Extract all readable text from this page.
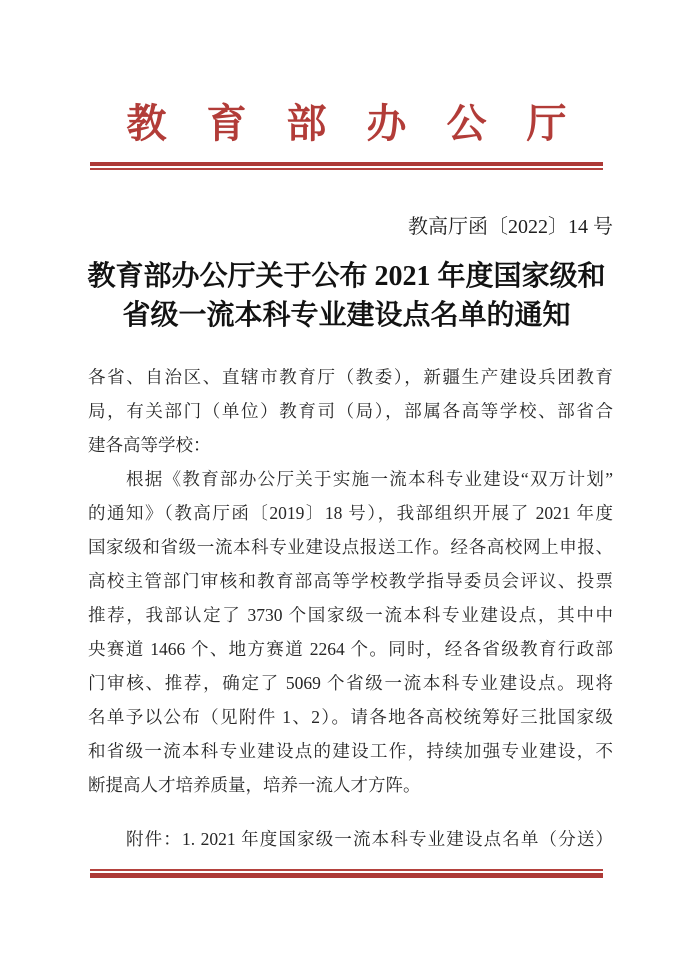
教育部办公厅
教高厅函〔2022〕14 号
教育部办公厅关于公布 2021 年度国家级和
省级一流本科专业建设点名单的通知
各省、自治区、直辖市教育厅（教委），新疆生产建设兵团教育
局，有关部门（单位）教育司（局），部属各高等学校、部省合
建各高等学校：
根据《教育部办公厅关于实施一流本科专业建设“双万计划”
的通知》（教高厅函〔2019〕18 号），我部组织开展了 2021 年度
国家级和省级一流本科专业建设点报送工作。经各高校网上申报、
高校主管部门审核和教育部高等学校教学指导委员会评议、投票
推荐，我部认定了 3730 个国家级一流本科专业建设点，其中中
央赛道 1466 个、地方赛道 2264 个。同时，经各省级教育行政部
门审核、推荐，确定了 5069 个省级一流本科专业建设点。现将
名单予以公布（见附件 1、2）。请各地各高校统筹好三批国家级
和省级一流本科专业建设点的建设工作，持续加强专业建设，不
断提高人才培养质量，培养一流人才方阵。
附件：1. 2021 年度国家级一流本科专业建设点名单（分送）
